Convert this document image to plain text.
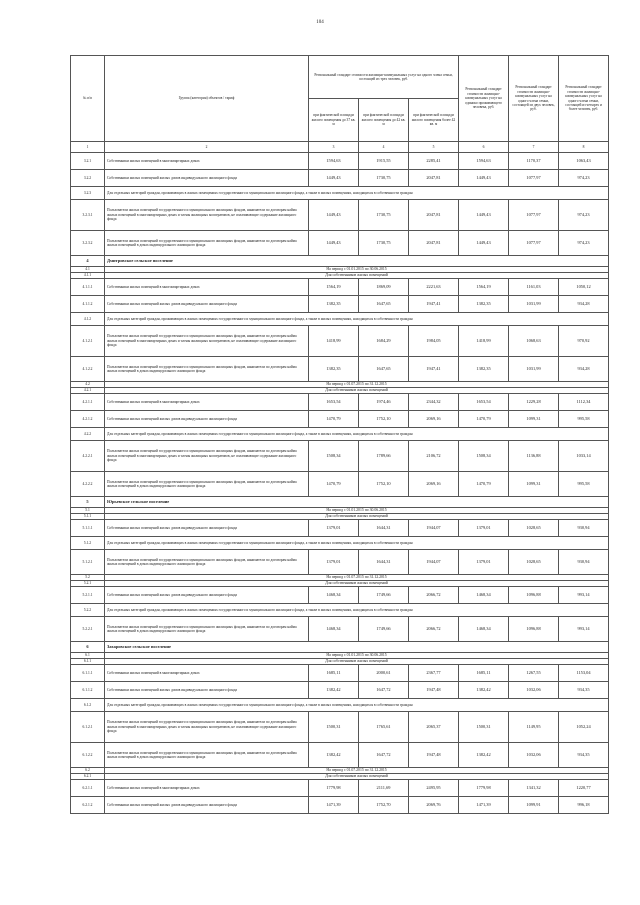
104
№ п/п	Группа (категория) объектов / тариф	Региональный стандарт стоимости жилищно-коммунальных услуг на одного члена семьи, состоящей из трех человек, руб.			Региональный стандарт стоимости жилищно-коммунальных услуг на одиноко проживающего человека, руб.	Региональный стандарт стоимости жилищно-коммунальных услуг на одного члена семьи, состоящей из двух человек, руб.	Региональный стандарт стоимости жилищно-коммунальных услуг на одного члена семьи, состоящей из четырех и более человек, руб.
		при фактической площади жилого помещения до 37 кв. м	при фактической площади жилого помещения до 42 кв. м	при фактической площади жилого помещения более 42 кв. м			
1	2	3	4	5	6	7	8
3.2.1	Собственники жилых помещений в многоквартирных домах	1594,63	1915,55	2285,41	1594,63	1170,37	1063,43
3.2.2	Собственники жилых помещений жилых домов индивидуального жилищного фонда	1449,43	1730,75	2047,81	1449,43	1077,97	974,23
3.2.3	Для отдельных категорий граждан, проживающих в жилых помещениях государственного и муниципального жилищного фонда, а также в жилых помещениях, находящихся в собственности граждан						
3.2.3.1	Пользователи жилых помещений государственного и муниципального жилищных фондов, наниматели по договорам найма жилых помещений в многоквартирных домах и члены жилищных кооперативов, не оплачивающие содержание жилищного фонда	1449,43	1730,75	2047,81	1449,43	1077,97	974,23
3.2.3.2	Пользователи жилых помещений государственного и муниципального жилищных фондов, наниматели по договорам найма жилых помещений в домах индивидуального жилищного фонда	1449,43	1730,75	2047,81	1449,43	1077,97	974,23
4	Дмитровское сельское поселение						
4.1	На период с 01.01.2015 по 30.06.2015						
4.1.1	Для собственников жилых помещений						
4.1.1.1	Собственники жилых помещений в многоквартирных домах	1564,19	1869,09	2221,63	1564,19	1161,03	1050,12
4.1.1.2	Собственники жилых помещений жилых домов индивидуального жилищного фонда	1382,35	1647,65	1947,41	1382,35	1031,99	934,28
4.1.2	Для отдельных категорий граждан, проживающих в жилых помещениях государственного и муниципального жилищного фонда, а также в жилых помещениях, находящихся в собственности граждан						
4.1.2.1	Пользователи жилых помещений государственного и муниципального жилищных фондов, наниматели по договорам найма жилых помещений в многоквартирных домах и члены жилищных кооперативов, не оплачивающие содержание жилищного фонда	1418,99	1684,29	1984,05	1418,99	1068,63	970,92
4.1.2.2	Пользователи жилых помещений государственного и муниципального жилищных фондов, наниматели по договорам найма жилых помещений в домах индивидуального жилищного фонда	1382,35	1647,65	1947,41	1382,35	1031,99	934,28
4.2	На период с 01.07.2015 по 31.12.2015						
4.2.1	Для собственников жилых помещений						
4.2.1.1	Собственники жилых помещений в многоквартирных домах	1653,54	1974,46	2344,32	1653,54	1229,28	1112,34
4.2.1.2	Собственники жилых помещений жилых домов индивидуального жилищного фонда	1470,79	1752,10	2069,16	1470,79	1099,31	995,58
4.2.2	Для отдельных категорий граждан, проживающих в жилых помещениях государственного и муниципального жилищного фонда, а также в жилых помещениях, находящихся в собственности граждан						
4.2.2.1	Пользователи жилых помещений государственного и муниципального жилищных фондов, наниматели по договорам найма жилых помещений в многоквартирных домах и члены жилищных кооперативов, не оплачивающие содержание жилищного фонда	1508,34	1789,66	2106,72	1508,34	1136,88	1033,14
4.2.2.2	Пользователи жилых помещений государственного и муниципального жилищных фондов, наниматели по договорам найма жилых помещений в домах индивидуального жилищного фонда	1470,79	1752,10	2069,16	1470,79	1099,31	995,58
5	Юрьевское сельское поселение						
5.1	На период с 01.01.2015 по 30.06.2015						
5.1.1	Для собственников жилых помещений						
5.1.1.1	Собственники жилых помещений жилых домов индивидуального жилищного фонда	1379,01	1644,31	1944,07	1379,01	1028,65	930,94
5.1.2	Для отдельных категорий граждан, проживающих в жилых помещениях государственного и муниципального жилищного фонда, а также в жилых помещениях, находящихся в собственности граждан						
5.1.2.1	Пользователи жилых помещений государственного и муниципального жилищных фондов, наниматели по договорам найма жилых помещений в домах индивидуального жилищного фонда	1379,01	1644,31	1944,07	1379,01	1028,65	930,94
5.2	На период с 01.07.2015 по 31.12.2015						
5.2.1	Для собственников жилых помещений						
5.2.1.1	Собственники жилых помещений жилых домов индивидуального жилищного фонда	1468,34	1749,66	2066,72	1468,34	1096,88	993,14
5.2.2	Для отдельных категорий граждан, проживающих в жилых помещениях государственного и муниципального жилищного фонда, а также в жилых помещениях, находящихся в собственности граждан						
5.2.2.1	Пользователи жилых помещений государственного и муниципального жилищных фондов, наниматели по договорам найма жилых помещений в домах индивидуального жилищного фонда	1468,34	1749,66	2066,72	1468,34	1096,88	993,14
6	Захаровское сельское поселение						
6.1	На период с 01.01.2015 по 30.06.2015						
6.1.1	Для собственников жилых помещений						
6.1.1.1	Собственники жилых помещений в многоквартирных домах	1685,11	2000,61	2367,77	1685,11	1267,55	1153,04
6.1.1.2	Собственники жилых помещений жилых домов индивидуального жилищного фонда	1382,42	1647,72	1947,48	1382,42	1032,06	934,35
6.1.2	Для отдельных категорий граждан, проживающих в жилых помещениях государственного и муниципального жилищного фонда, а также в жилых помещениях, находящихся в собственности граждан						
6.1.2.1	Пользователи жилых помещений государственного и муниципального жилищных фондов, наниматели по договорам найма жилых помещений в многоквартирных домах и члены жилищных кооперативов, не оплачивающие содержание жилищного фонда	1500,31	1765,61	2065,37	1500,31	1149,95	1052,24
6.1.2.2	Пользователи жилых помещений государственного и муниципального жилищных фондов, наниматели по договорам найма жилых помещений в домах индивидуального жилищного фонда	1382,42	1647,72	1947,48	1382,42	1032,06	934,35
6.2	На период с 01.07.2015 по 31.12.2015						
6.2.1	Для собственников жилых помещений						
6.2.1.1	Собственники жилых помещений в многоквартирных домах	1779,98	2111,69	2495,95	1779,98	1341,32	1220,77
6.2.1.2	Собственники жилых помещений жилых домов индивидуального жилищного фонда	1471,39	1752,70	2069,76	1471,39	1099,91	996,18
